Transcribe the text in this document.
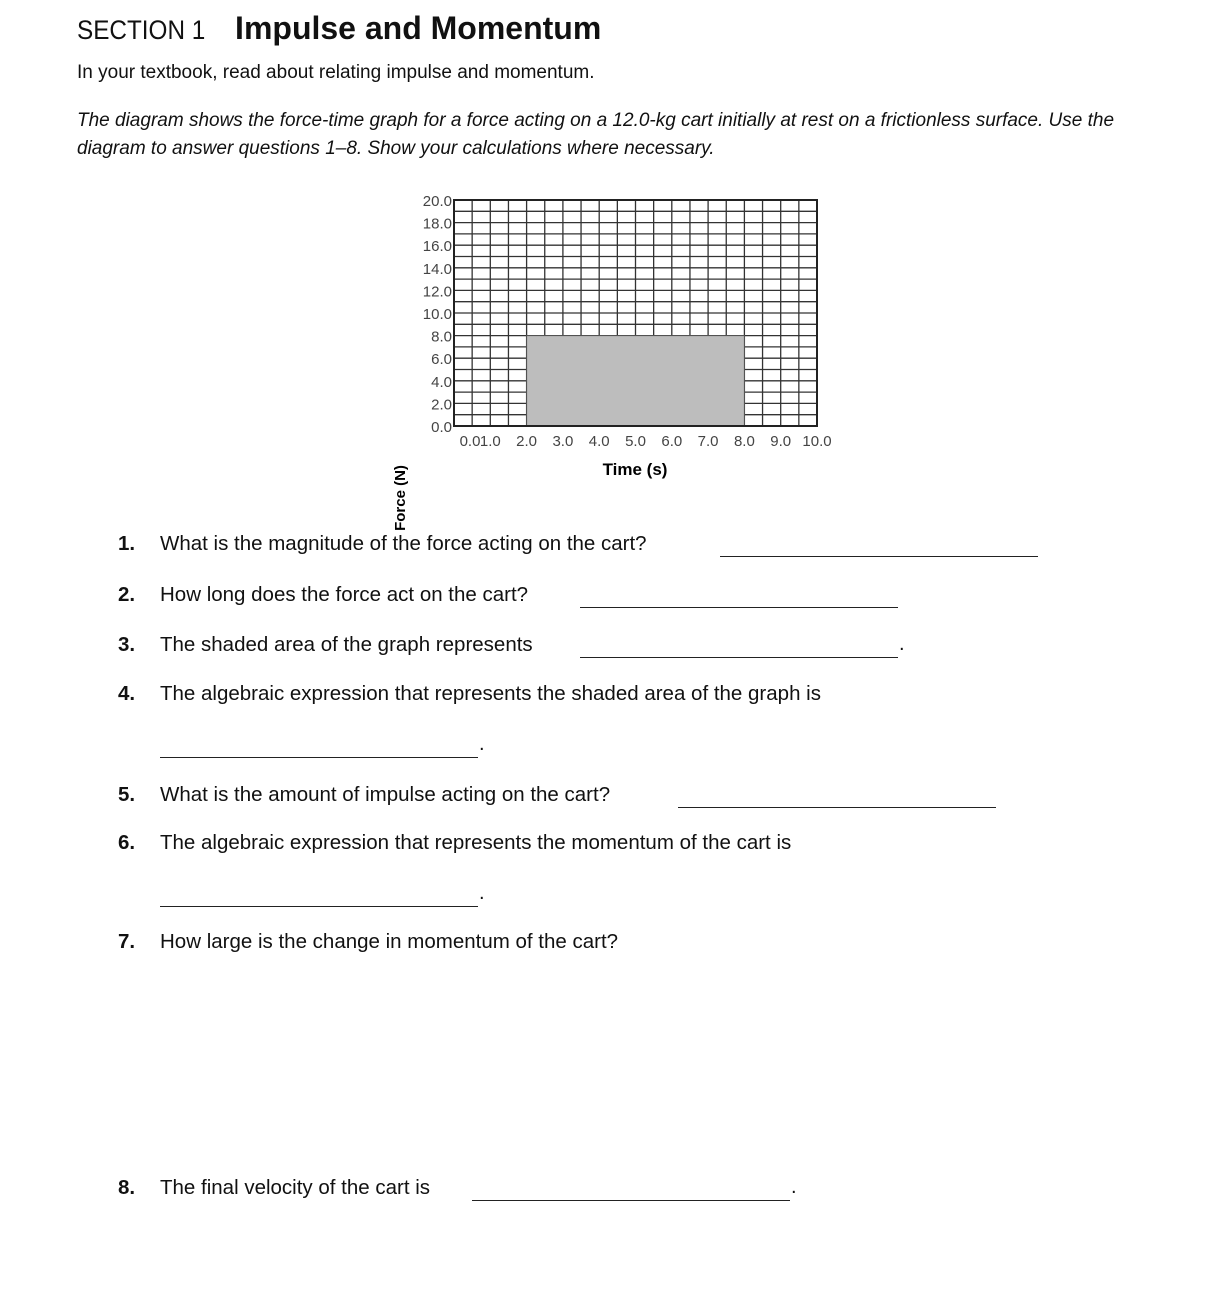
SECTION 1 Impulse and Momentum
In your textbook, read about relating impulse and momentum.
The diagram shows the force-time graph for a force acting on a 12.0-kg cart initially at rest on a frictionless surface. Use the diagram to answer questions 1–8. Show your calculations where necessary.
0.0
2.0
4.0
6.0
8.0
10.0
12.0
14.0
16.0
18.0
20.0
0.0 1.0 2.0 3.0 4.0 5.0 6.0 7.0 8.0 9.0 10.0
Force (N)	Time (s)
1. What is the magnitude of the force acting on the cart?
2. How long does the force act on the cart?
3. The shaded area of the graph represents	.
4. The algebraic expression that represents the shaded area of the graph is
.
5. What is the amount of impulse acting on the cart?
6. The algebraic expression that represents the momentum of the cart is
.
7. How large is the change in momentum of the cart?
8. The final velocity of the cart is	.
